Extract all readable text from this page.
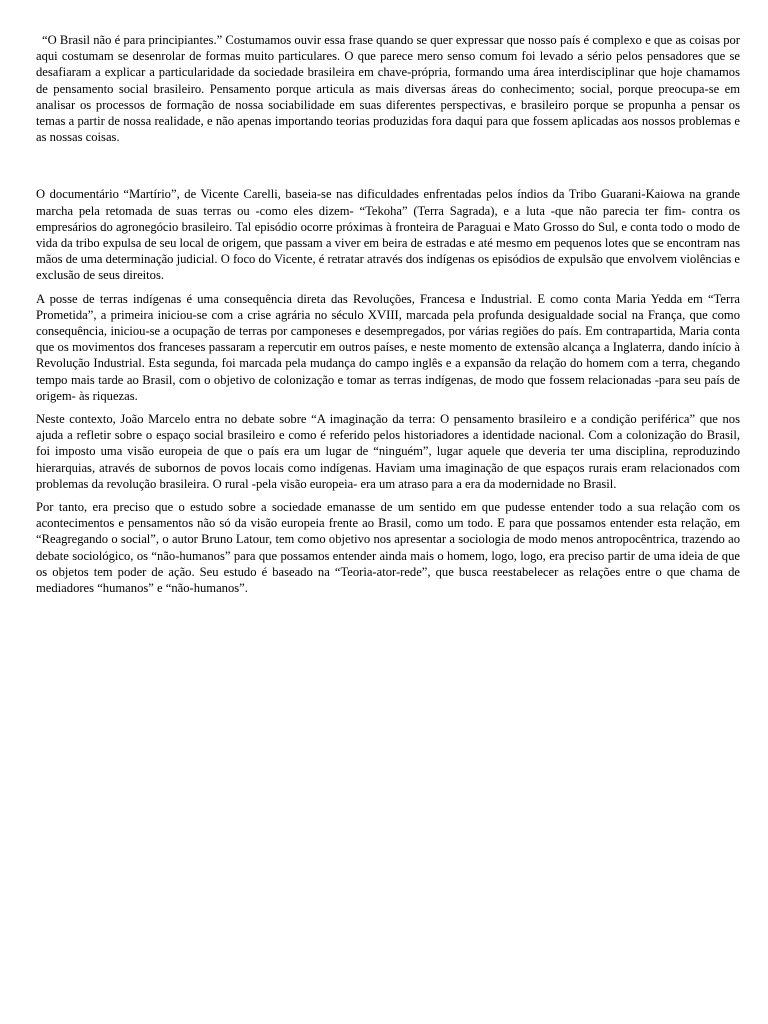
“O Brasil não é para principiantes.” Costumamos ouvir essa frase quando se quer expressar que nosso país é complexo e que as coisas por aqui costumam se desenrolar de formas muito particulares. O que parece mero senso comum foi levado a sério pelos pensadores que se desafiaram a explicar a particularidade da sociedade brasileira em chave-própria, formando uma área interdisciplinar que hoje chamamos de pensamento social brasileiro. Pensamento porque articula as mais diversas áreas do conhecimento; social, porque preocupa-se em analisar os processos de formação de nossa sociabilidade em suas diferentes perspectivas, e brasileiro porque se propunha a pensar os temas a partir de nossa realidade, e não apenas importando teorias produzidas fora daqui para que fossem aplicadas aos nossos problemas e as nossas coisas.

O documentário “Martírio”, de Vicente Carelli, baseia-se nas dificuldades enfrentadas pelos índios da Tribo Guarani-Kaiowa na grande marcha pela retomada de suas terras ou -como eles dizem- “Tekoha” (Terra Sagrada), e a luta -que não parecia ter fim- contra os empresários do agronegócio brasileiro. Tal episódio ocorre próximas à fronteira de Paraguai e Mato Grosso do Sul, e conta todo o modo de vida da tribo expulsa de seu local de origem, que passam a viver em beira de estradas e até mesmo em pequenos lotes que se encontram nas mãos de uma determinação judicial. O foco do Vicente, é retratar através dos indígenas os episódios de expulsão que envolvem violências e exclusão de seus direitos.

A posse de terras indígenas é uma consequência direta das Revoluções, Francesa e Industrial. E como conta Maria Yedda em “Terra Prometida”, a primeira iniciou-se com a crise agrária no século XVIII, marcada pela profunda desigualdade social na França, que como consequência, iniciou-se a ocupação de terras por camponeses e desempregados, por várias regiões do país. Em contrapartida, Maria conta que os movimentos dos franceses passaram a repercutir em outros países, e neste momento de extensão alcança a Inglaterra, dando início à Revolução Industrial. Esta segunda, foi marcada pela mudança do campo inglês e a expansão da relação do homem com a terra, chegando tempo mais tarde ao Brasil, com o objetivo de colonização e tomar as terras indígenas, de modo que fossem relacionadas -para seu país de origem- às riquezas.

Neste contexto, João Marcelo entra no debate sobre “A imaginação da terra: O pensamento brasileiro e a condição periférica” que nos ajuda a refletir sobre o espaço social brasileiro e como é referido pelos historiadores a identidade nacional. Com a colonização do Brasil, foi imposto uma visão europeia de que o país era um lugar de “ninguém”, lugar aquele que deveria ter uma disciplina, reproduzindo hierarquias, através de subornos de povos locais como indígenas. Haviam uma imaginação de que espaços rurais eram relacionados com problemas da revolução brasileira. O rural -pela visão europeia- era um atraso para a era da modernidade no Brasil.

Por tanto, era preciso que o estudo sobre a sociedade emanasse de um sentido em que pudesse entender todo a sua relação com os acontecimentos e pensamentos não só da visão europeia frente ao Brasil, como um todo. E para que possamos entender esta relação, em “Reagregando o social”, o autor Bruno Latour, tem como objetivo nos apresentar a sociologia de modo menos antropocêntrica, trazendo ao debate sociológico, os “não-humanos” para que possamos entender ainda mais o homem, logo, logo, era preciso partir de uma ideia de que os objetos tem poder de ação. Seu estudo é baseado na “Teoria-ator-rede”, que busca reestabelecer as relações entre o que chama de mediadores “humanos” e “não-humanos”.
